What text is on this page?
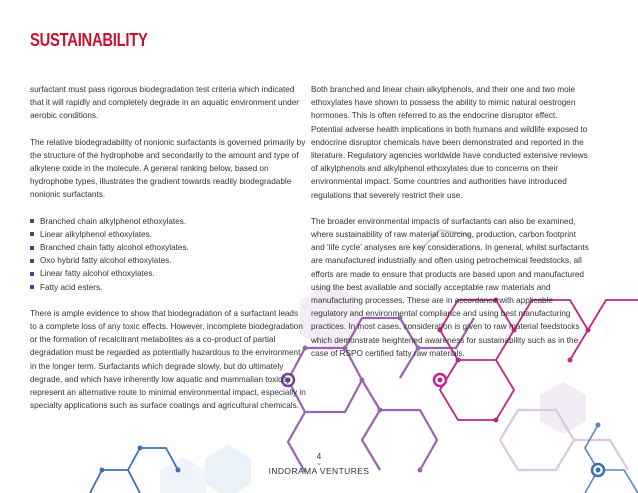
SUSTAINABILITY

surfactant must pass rigorous biodegradation test criteria which indicated that it will rapidly and completely degrade in an aquatic environment under aerobic conditions.

The relative biodegradability of nonionic surfactants is governed primarily by the structure of the hydrophobe and secondarily to the amount and type of alkylene oxide in the molecule. A general ranking below, based on hydrophobe types, illustrates the gradient towards readily biodegradable nonionic surfactants.

Branched chain alkylphenol ethoxylates.
Linear alkylphenol ethoxylates.
Branched chain fatty alcohol ethoxylates.
Oxo hybrid fatty alcohol ethoxylates.
Linear fatty alcohol ethoxylates.
Fatty acid esters.

There is ample evidence to show that biodegradation of a surfactant leads to a complete loss of any toxic effects. However, incomplete biodegradation or the formation of recalcitrant metabolites as a co-product of partial degradation must be regarded as potentially hazardous to the environment in the longer term. Surfactants which degrade slowly, but do ultimately degrade, and which have inherently low aquatic and mammalian toxicity represent an alternative route to minimal environmental impact, especially in specialty applications such as surface coatings and agricultural chemicals.

Both branched and linear chain alkylphenols, and their one and two mole ethoxylates have shown to possess the ability to mimic natural oestrogen hormones. This is often referred to as the endocrine disruptor effect. Potential adverse health implications in both humans and wildlife exposed to endocrine disruptor chemicals have been demonstrated and reported in the literature. Regulatory agencies worldwide have conducted extensive reviews of alkylphenols and alkylphenol ethoxylates due to concerns on their environmental impact. Some countries and authorities have introduced regulations that severely restrict their use.

The broader environmental impacts of surfactants can also be examined, where sustainability of raw material sourcing, production, carbon footprint and ‘life cycle’ analyses are key considerations. In general, whilst surfactants are manufactured industrially and often using petrochemical feedstocks, all efforts are made to ensure that products are based upon and manufactured using the best available and socially acceptable raw materials and manufacturing processes. These are in accordance with applicable regulatory and environmental compliance and using best manufacturing practices. In most cases, consideration is given to raw material feedstocks which demonstrate heightened awareness for sustainability such as in the case of RSPO certified fatty raw materials.

4
w
INDORAMA VENTURES
